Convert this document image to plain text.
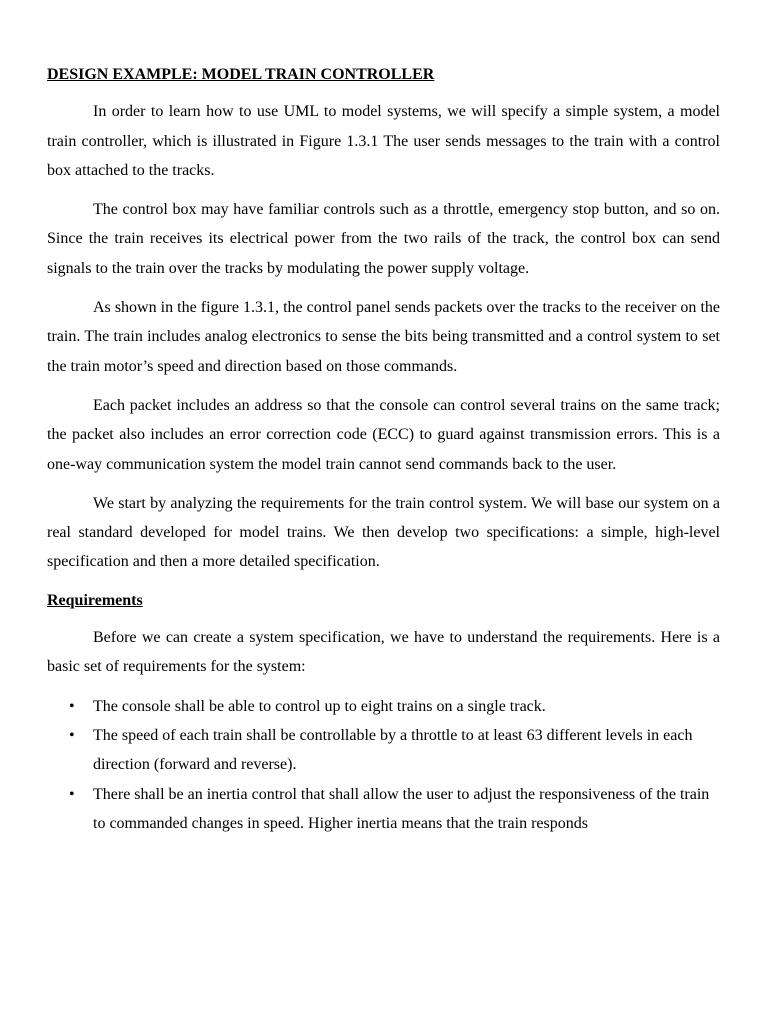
DESIGN EXAMPLE: MODEL TRAIN CONTROLLER

In order to learn how to use UML to model systems, we will specify a simple system, a model train controller, which is illustrated in Figure 1.3.1 The user sends messages to the train with a control box attached to the tracks.

The control box may have familiar controls such as a throttle, emergency stop button, and so on. Since the train receives its electrical power from the two rails of the track, the control box can send signals to the train over the tracks by modulating the power supply voltage.

As shown in the figure 1.3.1, the control panel sends packets over the tracks to the receiver on the train. The train includes analog electronics to sense the bits being transmitted and a control system to set the train motor’s speed and direction based on those commands.

Each packet includes an address so that the console can control several trains on the same track; the packet also includes an error correction code (ECC) to guard against transmission errors. This is a one-way communication system the model train cannot send commands back to the user.

We start by analyzing the requirements for the train control system. We will base our system on a real standard developed for model trains. We then develop two specifications: a simple, high-level specification and then a more detailed specification.

Requirements

Before we can create a system specification, we have to understand the requirements. Here is a basic set of requirements for the system:

• The console shall be able to control up to eight trains on a single track.
• The speed of each train shall be controllable by a throttle to at least 63 different levels in each direction (forward and reverse).
• There shall be an inertia control that shall allow the user to adjust the responsiveness of the train to commanded changes in speed. Higher inertia means that the train responds
